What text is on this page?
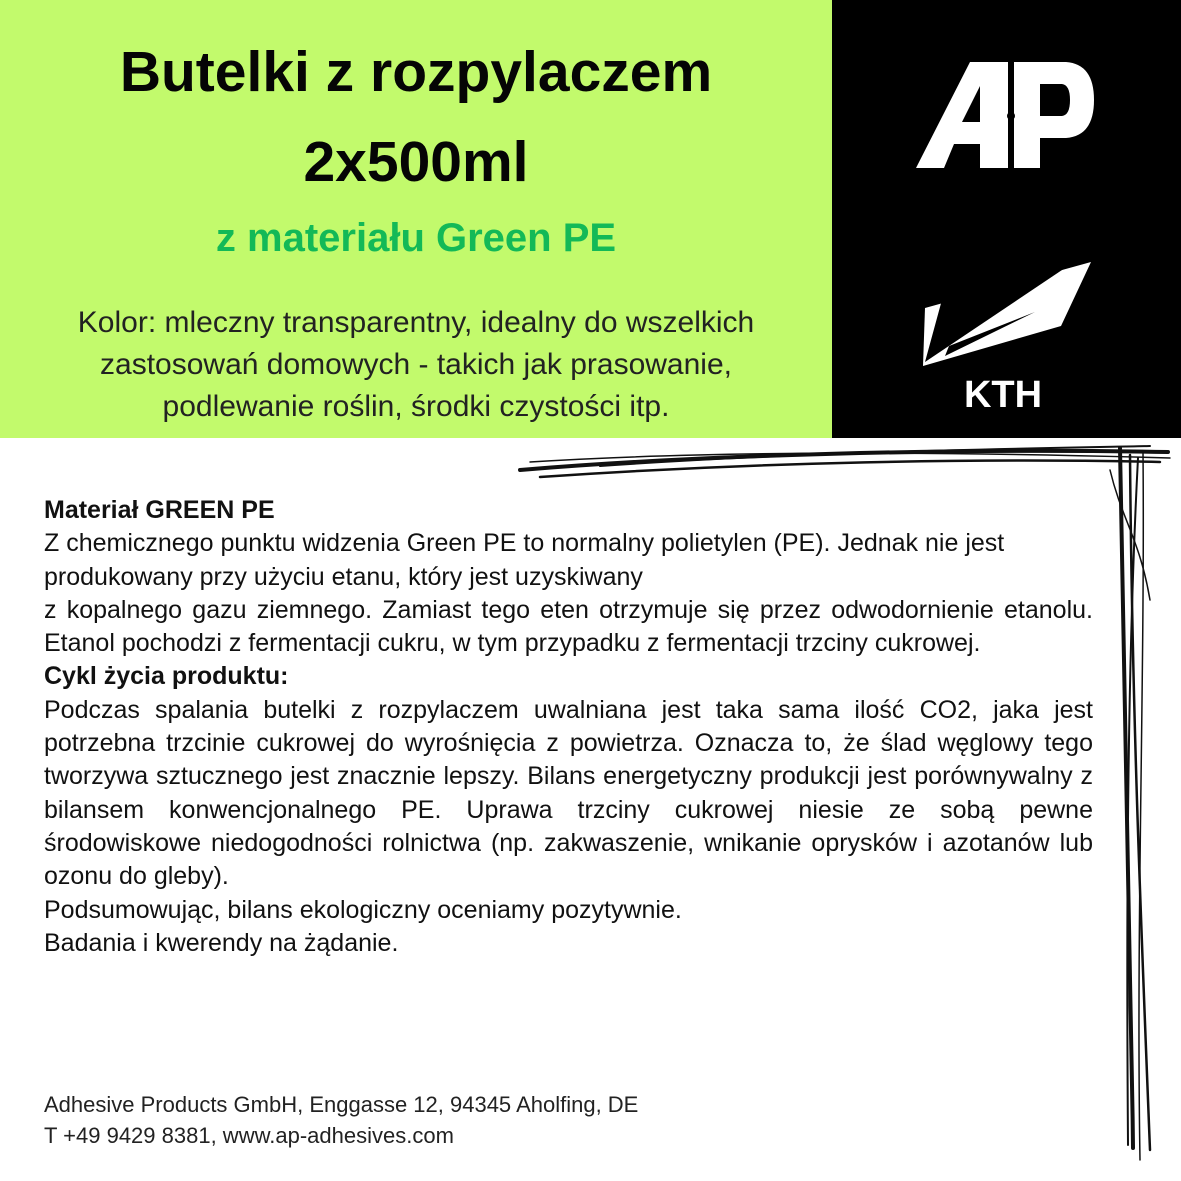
Butelki z rozpylaczem
2x500ml
z materiału Green PE

Kolor: mleczny transparentny, idealny do wszelkich zastosowań domowych - takich jak prasowanie, podlewanie roślin, środki czystości itp.	KTH

Materiał GREEN PE

Z chemicznego punktu widzenia Green PE to normalny polietylen (PE). Jednak nie jest produkowany przy użyciu etanu, który jest uzyskiwany

z kopalnego gazu ziemnego. Zamiast tego eten otrzymuje się przez odwodornienie etanolu. Etanol pochodzi z fermentacji cukru, w tym przypadku z fermentacji trzciny cukrowej.

Cykl życia produktu:

Podczas spalania butelki z rozpylaczem uwalniana jest taka sama ilość CO2, jaka jest potrzebna trzcinie cukrowej do wyrośnięcia z powietrza. Oznacza to, że ślad węglowy tego tworzywa sztucznego jest znacznie lepszy. Bilans energetyczny produkcji jest porównywalny z bilansem konwencjonalnego PE. Uprawa trzciny cukrowej niesie ze sobą pewne środowiskowe niedogodności rolnictwa (np. zakwaszenie, wnikanie oprysków i azotanów lub ozonu do gleby).

Podsumowując, bilans ekologiczny oceniamy pozytywnie.

Badania i kwerendy na żądanie.

Adhesive Products GmbH, Enggasse 12, 94345 Aholfing, DE
T +49 9429 8381, www.ap-adhesives.com
